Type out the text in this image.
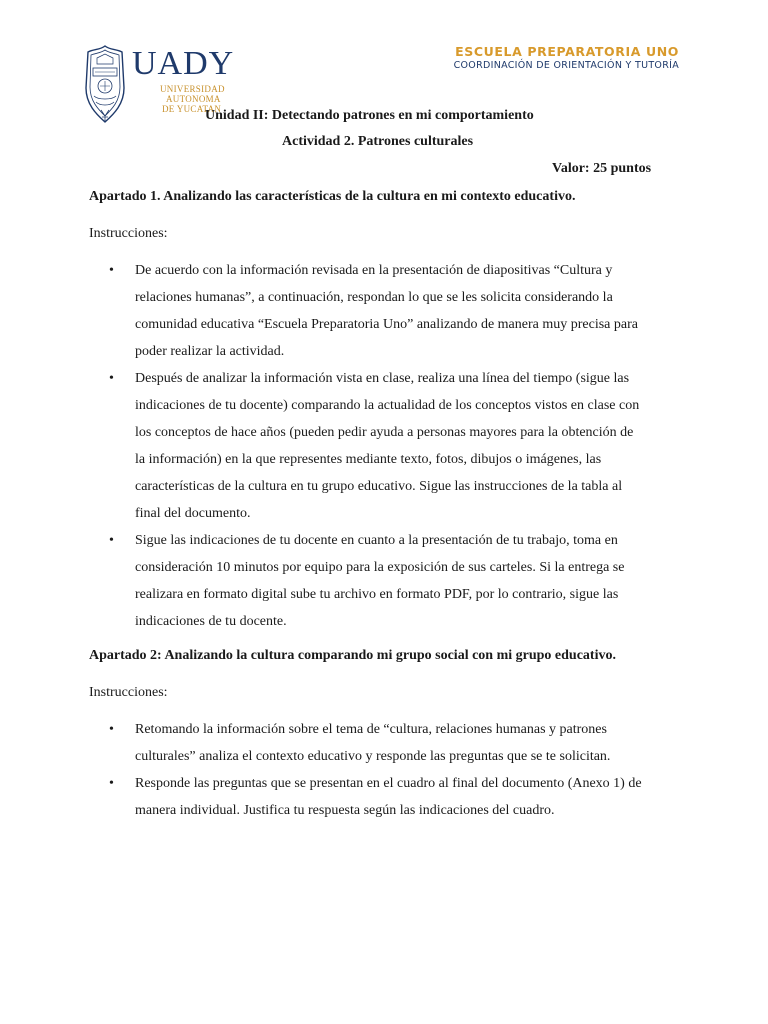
UADY
UNIVERSIDAD
AUTONOMA
DE YUCATAN
ESCUELA PREPARATORIA UNO
COORDINACIÓN DE ORIENTACIÓN Y TUTORÍA
Unidad II: Detectando patrones en mi comportamiento
Actividad 2. Patrones culturales
Valor: 25 puntos

Apartado 1. Analizando las características de la cultura en mi contexto educativo.

Instrucciones:

• De acuerdo con la información revisada en la presentación de diapositivas “Cultura y
relaciones humanas”, a continuación, respondan lo que se les solicita considerando la
comunidad educativa “Escuela Preparatoria Uno” analizando de manera muy precisa para
poder realizar la actividad.
• Después de analizar la información vista en clase, realiza una línea del tiempo (sigue las
indicaciones de tu docente) comparando la actualidad de los conceptos vistos en clase con
los conceptos de hace años (pueden pedir ayuda a personas mayores para la obtención de
la información) en la que representes mediante texto, fotos, dibujos o imágenes, las
características de la cultura en tu grupo educativo. Sigue las instrucciones de la tabla al
final del documento.
• Sigue las indicaciones de tu docente en cuanto a la presentación de tu trabajo, toma en
consideración 10 minutos por equipo para la exposición de sus carteles. Si la entrega se
realizara en formato digital sube tu archivo en formato PDF, por lo contrario, sigue las
indicaciones de tu docente.

Apartado 2: Analizando la cultura comparando mi grupo social con mi grupo educativo.

Instrucciones:

• Retomando la información sobre el tema de “cultura, relaciones humanas y patrones
culturales” analiza el contexto educativo y responde las preguntas que se te solicitan.
• Responde las preguntas que se presentan en el cuadro al final del documento (Anexo 1) de
manera individual. Justifica tu respuesta según las indicaciones del cuadro.
